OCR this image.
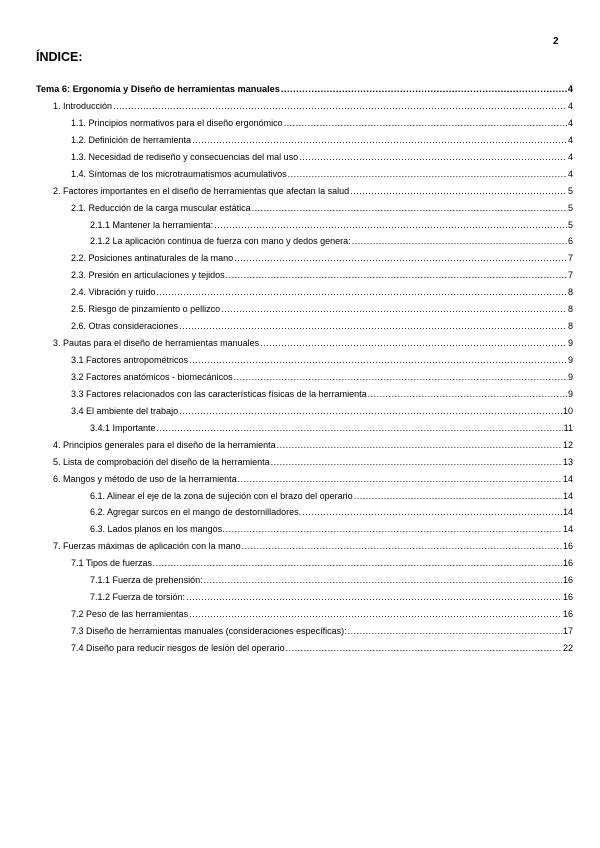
2
ÍNDICE:
Tema 6: Ergonomía y Diseño de herramientas manuales .....	4
1. Introducción .....	4
1.1. Principios normativos para el diseño ergonómico .....	4
1.2. Definición de herramienta .....	4
1.3. Necesidad de rediseño y consecuencias del mal uso .....	4
1.4. Síntomas de los microtraumatismos acumulativos .....	4
2. Factores importantes en el diseño de herramientas que afectan la salud .....	5
2.1. Reducción de la carga muscular estática .....	5
2.1.1 Mantener la herramienta: .....	5
2.1.2 La aplicación continua de fuerza con mano y dedos genera: .....	6
2.2. Posiciones antinaturales de la mano .....	7
2.3. Presión en articulaciones y tejidos .....	7
2.4. Vibración y ruido .....	8
2.5. Riesgo de pinzamiento o pellizco .....	8
2.6. Otras consideraciones .....	8
3. Pautas para el diseño de herramientas manuales .....	9
3.1 Factores antropométricos .....	9
3.2 Factores anatómicos - biomecánicos .....	9
3.3 Factores relacionados con las características físicas de la herramienta .....	9
3.4 El ambiente del trabajo .....	10
3.4.1 Importante .....	11
4. Principios generales para el diseño de la herramienta .....	12
5. Lista de comprobación del diseño de la herramienta .....	13
6. Mangos y método de uso de la herramienta .....	14
6.1. Alinear el eje de la zona de sujeción con el brazo del operario .....	14
6.2. Agregar surcos en el mango de destornilladores. .....	14
6.3. Lados planos en los mangos. .....	14
7. Fuerzas máximas de aplicación con la mano .....	16
7.1 Tipos de fuerzas. .....	16
7.1.1 Fuerza de prehensión: .....	16
7.1.2 Fuerza de torsión: .....	16
7.2 Peso de las herramientas .....	16
7.3 Diseño de herramientas manuales (consideraciones específicas): .....	17
7.4 Diseño para reducir riesgos de lesión del operario .....	22
